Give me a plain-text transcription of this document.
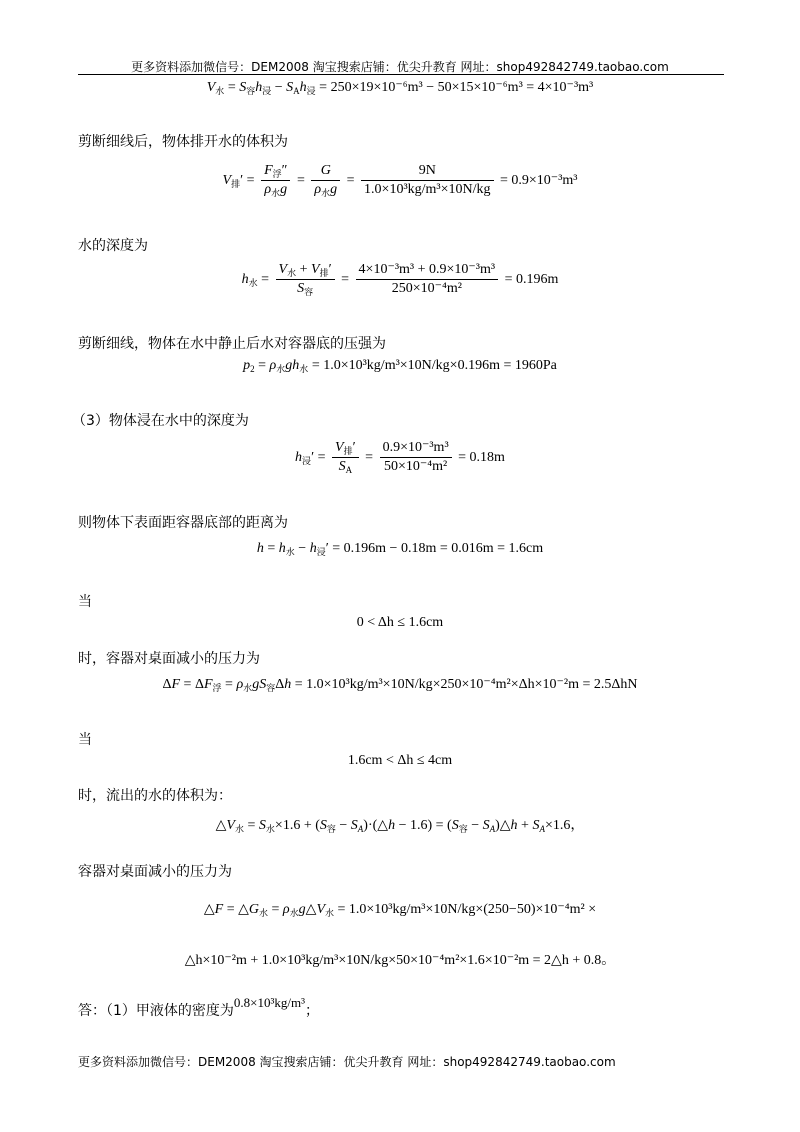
更多资料添加微信号：DEM2008 淘宝搜索店铺：优尖升教育 网址：shop492842749.taobao.com
$V_水 = S_容h_浸 - S_Ah_浸 = 250\times 19\times 10^{-6}m^3 - 50\times 15\times 10^{-6}m^3 = 4\times 10^{-3}m^3$
剪断细线后，物体排开水的体积为
$V_排' = \frac{F_浮''}{\rho_水g} = \frac{G}{\rho_水g} = \frac{9N}{\text{1.0×10³kg/m³×10N/kg}} = 0.9\times 10^{-3}m^3$
水的深度为
$h_水 = \frac{V_水 + V_排'}{S_容} = \frac{\text{4×10⁻³m³ + 0.9×10⁻³m³}}{\text{250×10⁻⁴m²}} = 0.196m$
剪断细线，物体在水中静止后水对容器底的压强为
$p_2 = \rho_水gh_水 = 1.0\times 10^3kg/m^3\times 10N/kg\times 0.196m = 1960Pa$
（3）物体浸在水中的深度为
$h_浸' = \frac{V_排'}{S_A} = \frac{\text{0.9×10⁻³m³}}{\text{50×10⁻⁴m²}} = 0.18m$
则物体下表面距容器底部的距离为
$h = h_水 - h_浸' = 0.196m - 0.18m = 0.016m = 1.6cm$
当
0 < Δh ≤ 1.6cm
时，容器对桌面减小的压力为
$\Delta F = \Delta F_浮 = \rho_水gS_容\Delta h = 1.0\times 10^3kg/m^3\times 10N/kg\times 250\times 10^{-4}m^2\times\Delta h\times 10^{-2}m = 2.5\Delta hN$
当
1.6cm < Δh ≤ 4cm
时，流出的水的体积为：
$\triangle V_水 = S_水\times 1.6 + (S_容$ − $S_A)\cdot(\triangle h - 1.6) = (S_容$ − $S_A)\triangle h + S_A\times 1.6$，
容器对桌面减小的压力为
△F = $\triangle G_水$ = $\rho_水g\triangle V_水 = 1.0\times 10^3kg/m^3\times 10N/kg\times(250-50)\times 10^{-4}m^2$ ×
△h×10⁻²m + 1.0×10³kg/m³×10N/kg×50×10⁻⁴m²×1.6×10⁻²m = 2△h + 0.8。
答：（1）甲液体的密度为0.8×10³kg/m³；
更多资料添加微信号：DEM2008 淘宝搜索店铺：优尖升教育 网址：shop492842749.taobao.com
